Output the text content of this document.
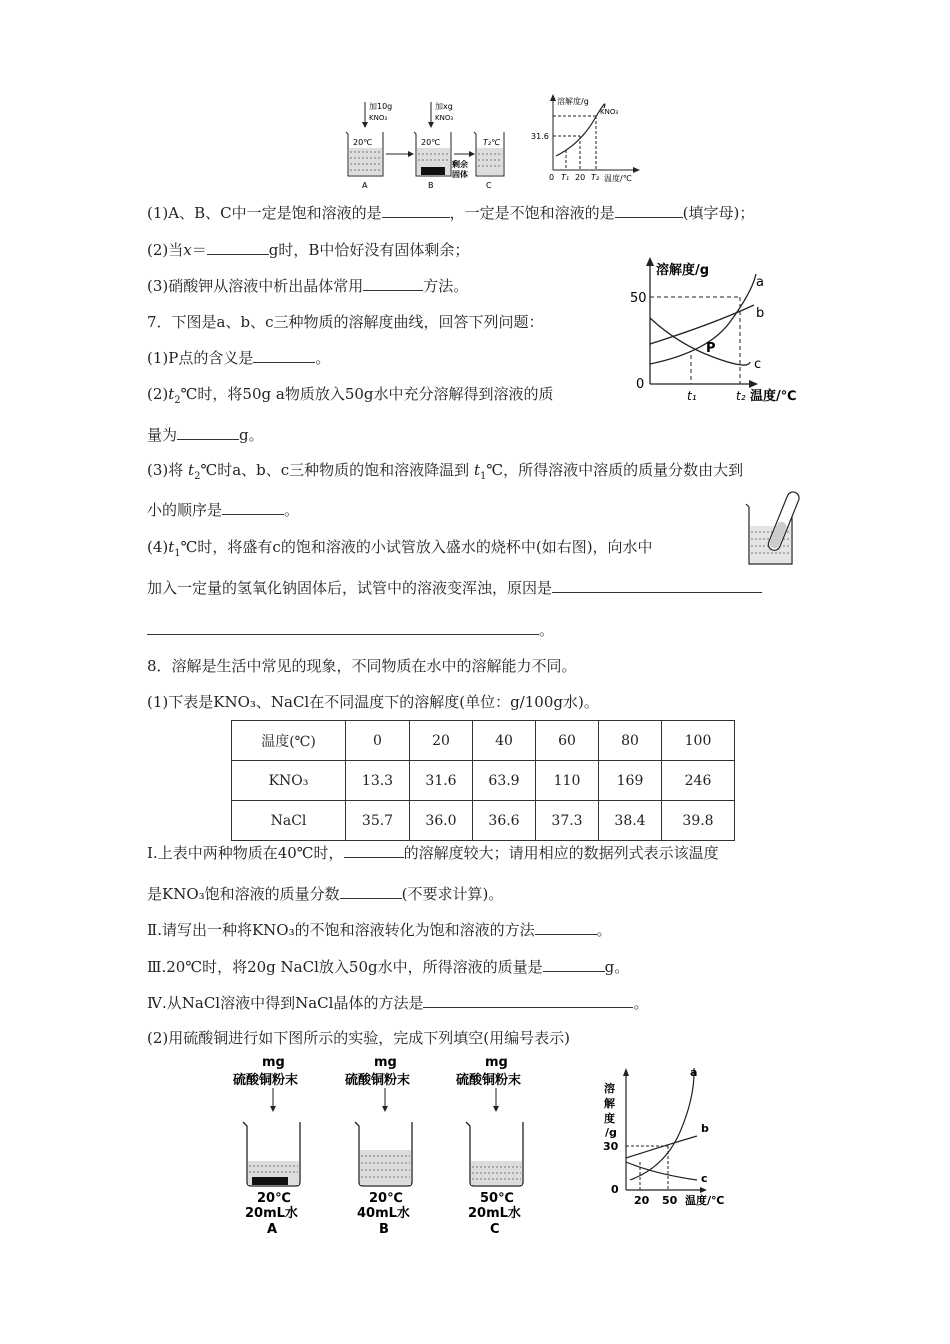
加10g
KNO₃
加xg
KNO₃
20℃
A
20℃
B
剩余
固体
T₂℃
C
溶解度/g
31.6
KNO₃
0 T₁ 20 T₂ 温度/℃
(1)A、B、C中一定是饱和溶液的是	，一定是不饱和溶液的是	(填字母)；
(2)当x＝	g时，B中恰好没有固体剩余；
(3)硝酸钾从溶液中析出晶体常用	方法。
溶解度/g
50
0
a
b
c
P
t₁	t₂ 温度/℃
7．下图是a、b、c三种物质的溶解度曲线，回答下列问题：
(1)P点的含义是	。
$(2)t_2℃$时，将50g a物质放入50g水中充分溶解得到溶液的质
量为	g。
(3)将 $t_2℃$时a、b、c三种物质的饱和溶液降温到 $t_1℃$，所得溶液中溶质的质量分数由大到
小的顺序是	。
$(4)t_1℃$时，将盛有c的饱和溶液的小试管放入盛水的烧杯中(如右图)，向水中
加入一定量的氢氧化钠固体后，试管中的溶液变浑浊，原因是
。
8．溶解是生活中常见的现象，不同物质在水中的溶解能力不同。
(1)下表是KNO₃、NaCl在不同温度下的溶解度(单位：g/100g水)。
温度(℃)	0	20	40	60	80	100
KNO₃	13.3	31.6	63.9	110	169	246
NaCl	35.7	36.0	36.6	37.3	38.4	39.8
Ⅰ.上表中两种物质在40℃时，	的溶解度较大；请用相应的数据列式表示该温度
是KNO₃饱和溶液的质量分数	(不要求计算)。
Ⅱ.请写出一种将KNO₃的不饱和溶液转化为饱和溶液的方法	。
Ⅲ.20℃时，将20g NaCl放入50g水中，所得溶液的质量是	g。
Ⅳ.从NaCl溶液中得到NaCl晶体的方法是	。
(2)用硫酸铜进行如下图所示的实验，完成下列填空(用编号表示)
mg
硫酸铜粉末
20℃
20mL水
A
mg
硫酸铜粉末
20℃
40mL水
B
mg
硫酸铜粉末
50℃
20mL水
C
溶
解
度
/g
30
0
a
b
c
20 50 温度/℃
